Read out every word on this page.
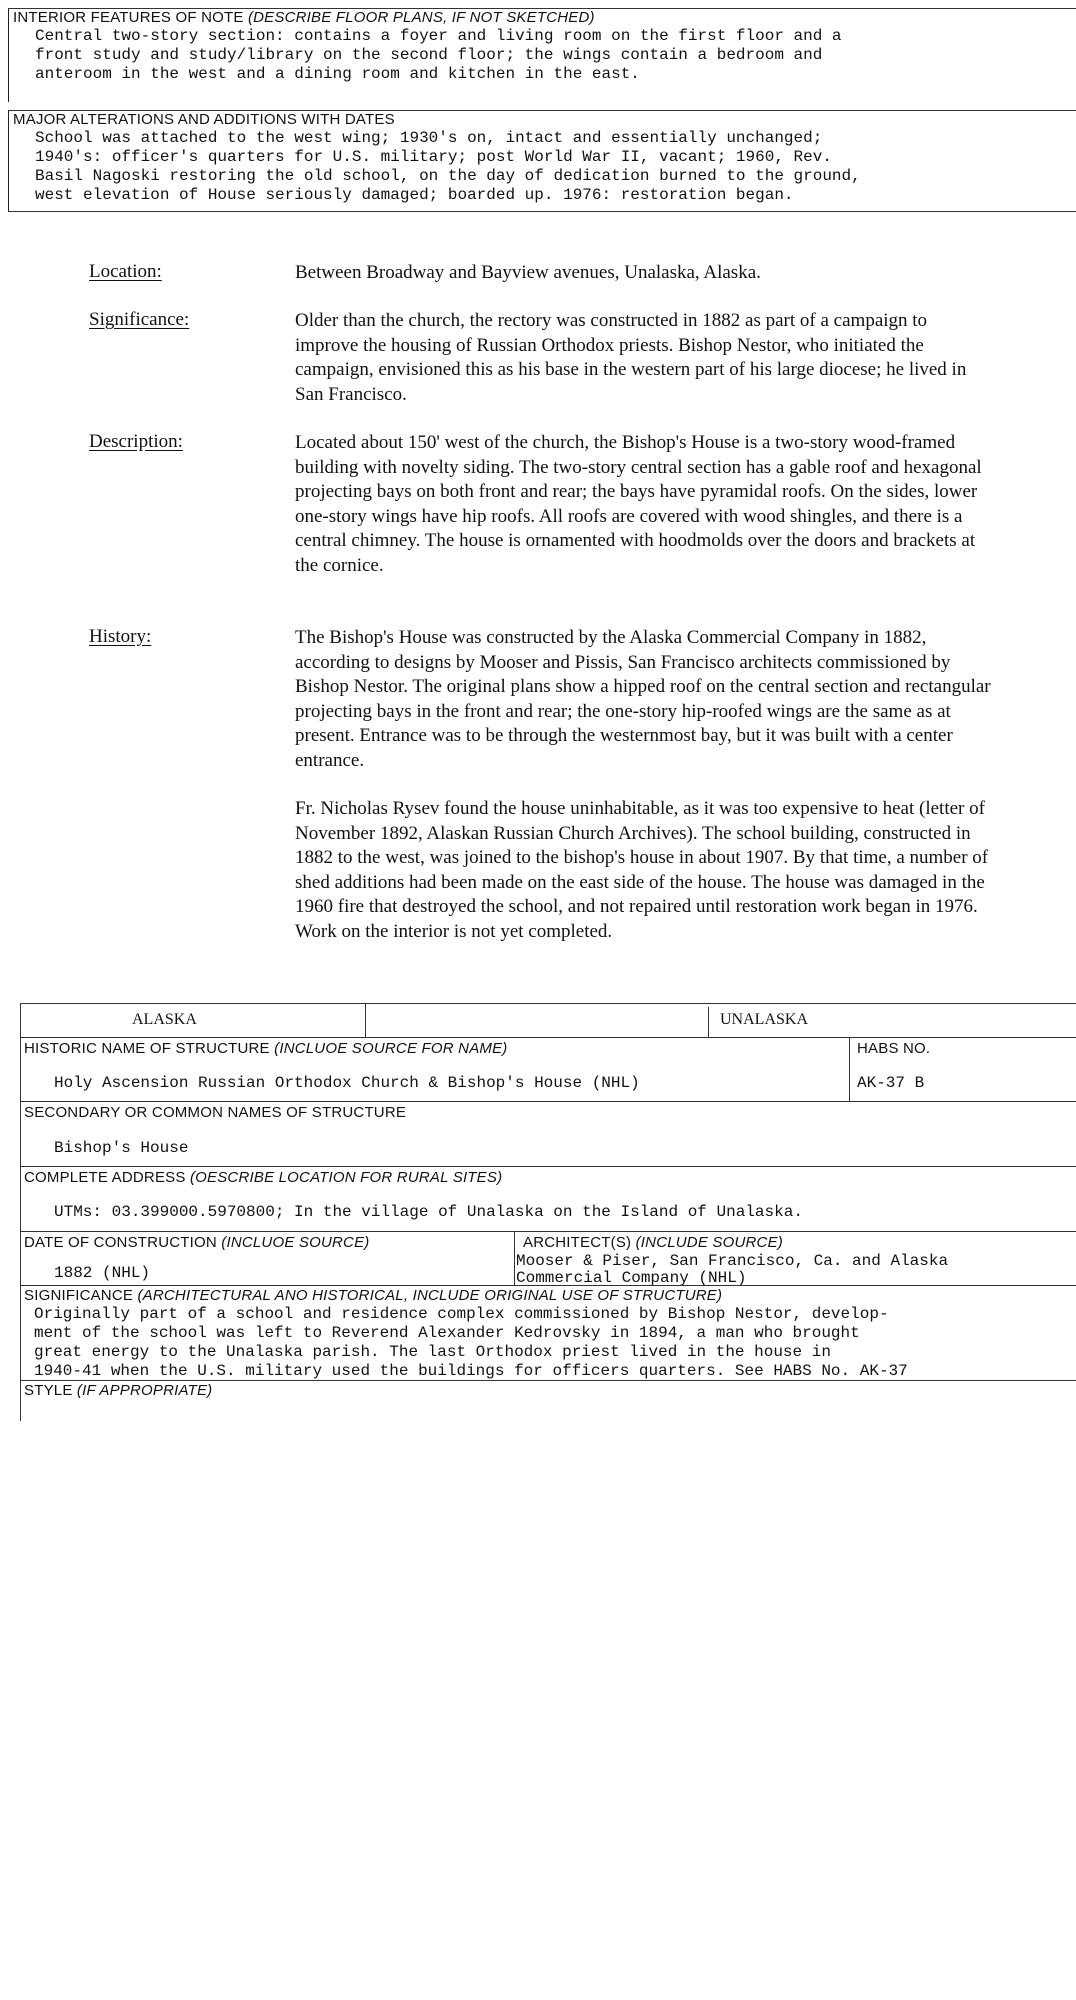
INTERIOR FEATURES OF NOTE (DESCRIBE FLOOR PLANS, IF NOT SKETCHED)
Central two-story section: contains a foyer and living room on the first floor and a
front study and study/library on the second floor; the wings contain a bedroom and
anteroom in the west and a dining room and kitchen in the east.
MAJOR ALTERATIONS AND ADDITIONS WITH DATES
School was attached to the west wing; 1930's on, intact and essentially unchanged;
1940's: officer's quarters for U.S. military; post World War II, vacant; 1960, Rev.
Basil Nagoski restoring the old school, on the day of dedication burned to the ground,
west elevation of House seriously damaged; boarded up. 1976: restoration began.
Location:	Between Broadway and Bayview avenues, Unalaska, Alaska.
Significance:	Older than the church, the rectory was constructed in 1882 as part of a campaign to improve the housing of Russian Orthodox priests. Bishop Nestor, who initiated the campaign, envisioned this as his base in the western part of his large diocese; he lived in San Francisco.
Description:	Located about 150' west of the church, the Bishop's House is a two-story wood-framed building with novelty siding. The two-story central section has a gable roof and hexagonal projecting bays on both front and rear; the bays have pyramidal roofs. On the sides, lower one-story wings have hip roofs. All roofs are covered with wood shingles, and there is a central chimney. The house is ornamented with hoodmolds over the doors and brackets at the cornice.
History:	The Bishop's House was constructed by the Alaska Commercial Company in 1882, according to designs by Mooser and Pissis, San Francisco architects commissioned by Bishop Nestor. The original plans show a hipped roof on the central section and rectangular projecting bays in the front and rear; the one-story hip-roofed wings are the same as at present. Entrance was to be through the westernmost bay, but it was built with a center entrance.
Fr. Nicholas Rysev found the house uninhabitable, as it was too expensive to heat (letter of November 1892, Alaskan Russian Church Archives). The school building, constructed in 1882 to the west, was joined to the bishop's house in about 1907. By that time, a number of shed additions had been made on the east side of the house. The house was damaged in the 1960 fire that destroyed the school, and not repaired until restoration work began in 1976. Work on the interior is not yet completed.
ALASKA	UNALASKA
HISTORIC NAME OF STRUCTURE (INCLUOE SOURCE FOR NAME)
Holy Ascension Russian Orthodox Church & Bishop's House (NHL)
HABS NO.
AK-37 B
SECONDARY OR COMMON NAMES OF STRUCTURE
Bishop's House
COMPLETE ADDRESS (OESCRIBE LOCATION FOR RURAL SITES)
UTMs: 03.399000.5970800; In the village of Unalaska on the Island of Unalaska.
DATE OF CONSTRUCTION (INCLUOE SOURCE)
1882 (NHL)
ARCHITECT(S) (INCLUDE SOURCE)
Mooser & Piser, San Francisco, Ca. and Alaska
Commercial Company (NHL)
SIGNIFICANCE (ARCHITECTURAL ANO HISTORICAL, INCLUDE ORIGINAL USE OF STRUCTURE)
Originally part of a school and residence complex commissioned by Bishop Nestor, develop-
ment of the school was left to Reverend Alexander Kedrovsky in 1894, a man who brought
great energy to the Unalaska parish. The last Orthodox priest lived in the house in
1940-41 when the U.S. military used the buildings for officers quarters. See HABS No. AK-37
STYLE (IF APPROPRIATE)
